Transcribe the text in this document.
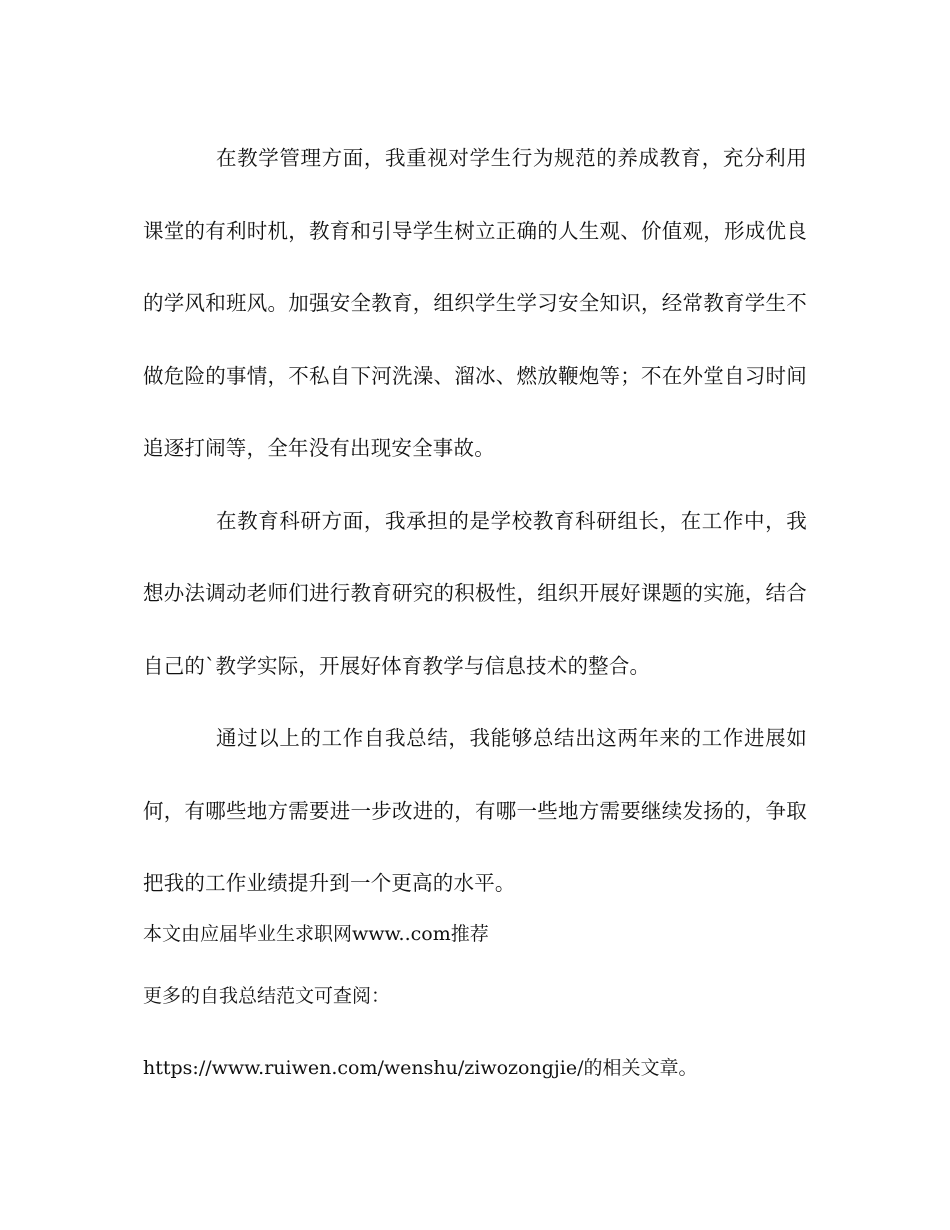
在教学管理方面，我重视对学生行为规范的养成教育，充分利用课堂的有利时机，教育和引导学生树立正确的人生观、价值观，形成优良的学风和班风。加强安全教育，组织学生学习安全知识，经常教育学生不做危险的事情，不私自下河洗澡、溜冰、燃放鞭炮等；不在外堂自习时间追逐打闹等，全年没有出现安全事故。

在教育科研方面，我承担的是学校教育科研组长，在工作中，我想办法调动老师们进行教育研究的积极性，组织开展好课题的实施，结合自己的`教学实际，开展好体育教学与信息技术的整合。

通过以上的工作自我总结，我能够总结出这两年来的工作进展如何，有哪些地方需要进一步改进的，有哪一些地方需要继续发扬的，争取把我的工作业绩提升到一个更高的水平。

本文由应届毕业生求职网www..com推荐

更多的自我总结范文可查阅：https://www.ruiwen.com/wenshu/ziwozongjie/的相关文章。
